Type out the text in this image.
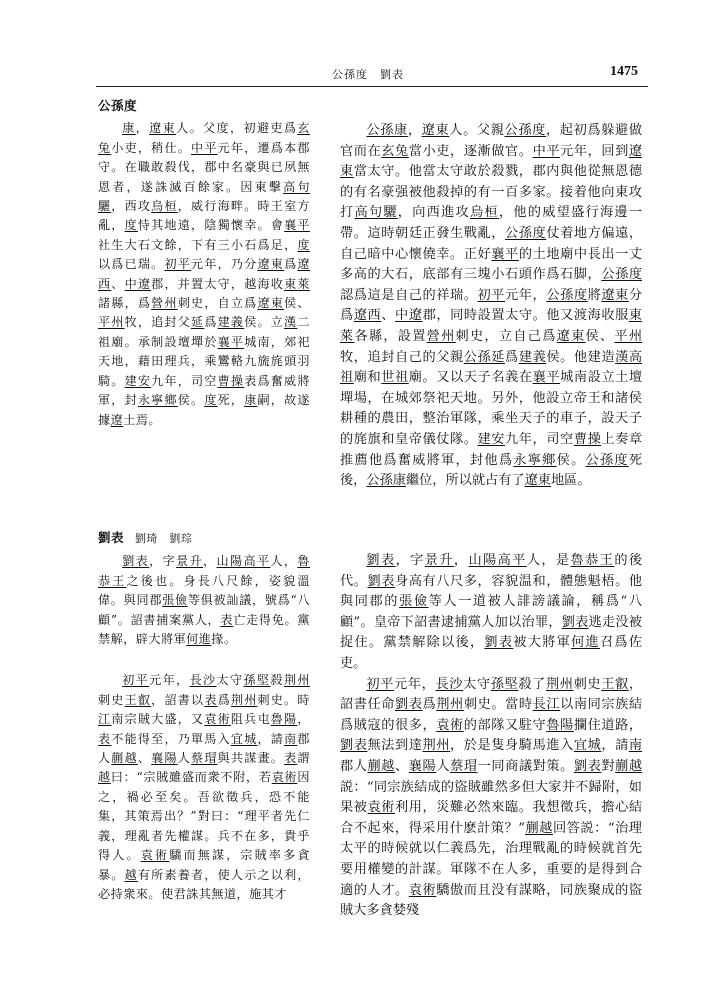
公孫度　劉表	1475
公孫度

康，遼東人。父度，初避吏爲玄兔小吏，稍仕。中平元年，遷爲本郡守。在職敢殺伐，郡中名豪與已夙無恩者，遂誅滅百餘家。因東擊高句驪，西攻烏桓，威行海畔。時王室方亂，度恃其地遠，陰獨懷幸。會襄平社生大石文餘，下有三小石爲足，度以爲已瑞。初平元年，乃分遼東爲遼西、中遼郡，并置太守，越海收東萊諸縣，爲營州刺史，自立爲遼東侯、平州牧，追封父延爲建義侯。立漢二祖廟。承制設壇墠於襄平城南，郊祀天地，藉田理兵，乘鸞輅九旒旄頭羽騎。建安九年，司空曹操表爲奮威將軍，封永寧鄉侯。度死，康嗣，故遂據遼土焉。

劉表 劉琦　劉琮

劉表，字景升，山陽高平人，魯恭王之後也。身長八尺餘，姿貌溫偉。與同郡張儉等俱被訕議，號爲“八顧”。詔書捕案黨人，表亡走得免。黨禁解，辟大將軍何進掾。

初平元年，長沙太守孫堅殺荆州刺史王叡，詔書以表爲荆州刺史。時江南宗賊大盛，又袁術阻兵屯魯陽，表不能得至，乃單馬入宜城，請南郡人蒯越、襄陽人蔡瑁與共謀畫。表謂越曰：“宗賊雖盛而衆不附，若袁術因之，禍必至矣。吾欲徵兵，恐不能集，其策焉出？”對曰：“理平者先仁義，理亂者先權謀。兵不在多，貴乎得人。袁術驕而無謀，宗賊率多貪暴。越有所素養者，使人示之以利，必持衆來。使君誅其無道，施其才

公孫康，遼東人。父親公孫度，起初爲躲避做官而在玄兔當小吏，逐漸做官。中平元年，回到遼東當太守。他當太守敢於殺戮，郡内與他從無恩德的有名豪强被他殺掉的有一百多家。接着他向東攻打高句驪，向西進攻烏桓，他的威望盛行海邊一帶。這時朝廷正發生戰亂，公孫度仗着地方偏遠，自己暗中心懷僥幸。正好襄平的土地廟中長出一丈多高的大石，底部有三塊小石頭作爲石脚，公孫度認爲這是自己的祥瑞。初平元年，公孫度將遼東分爲遼西、中遼郡，同時設置太守。他又渡海收服東萊各縣，設置營州刺史，立自己爲遼東侯、平州牧，追封自己的父親公孫延爲建義侯。他建造漢高祖廟和世祖廟。又以天子名義在襄平城南設立土壇墠場，在城郊祭祀天地。另外，他設立帝王和諸侯耕種的農田，整治軍隊，乘坐天子的車子，設天子的旄旗和皇帝儀仗隊。建安九年，司空曹操上奏章推薦他爲奮威將軍，封他爲永寧鄉侯。公孫度死後，公孫康繼位，所以就占有了遼東地區。

劉表，字景升，山陽高平人，是魯恭王的後代。劉表身高有八尺多，容貌温和，體態魁梧。他與同郡的張儉等人一道被人誹謗議論，稱爲“八顧”。皇帝下詔書逮捕黨人加以治罪，劉表逃走没被捉住。黨禁解除以後，劉表被大將軍何進召爲佐吏。

初平元年，長沙太守孫堅殺了荆州刺史王叡，詔書任命劉表爲荆州刺史。當時長江以南同宗族結爲賊寇的很多，袁術的部隊又駐守魯陽攔住道路，劉表無法到達荆州，於是隻身騎馬進入宜城，請南郡人蒯越、襄陽人蔡瑁一同商議對策。劉表對蒯越説：“同宗族結成的盜賊雖然多但大家并不歸附，如果被袁術利用，災難必然來臨。我想徵兵，擔心結合不起來，得采用什麽計策？”蒯越回答説：“治理太平的時候就以仁義爲先，治理戰亂的時候就首先要用權變的計謀。軍隊不在人多，重要的是得到合適的人才。袁術驕傲而且没有謀略，同族聚成的盜賊大多貪婪殘
